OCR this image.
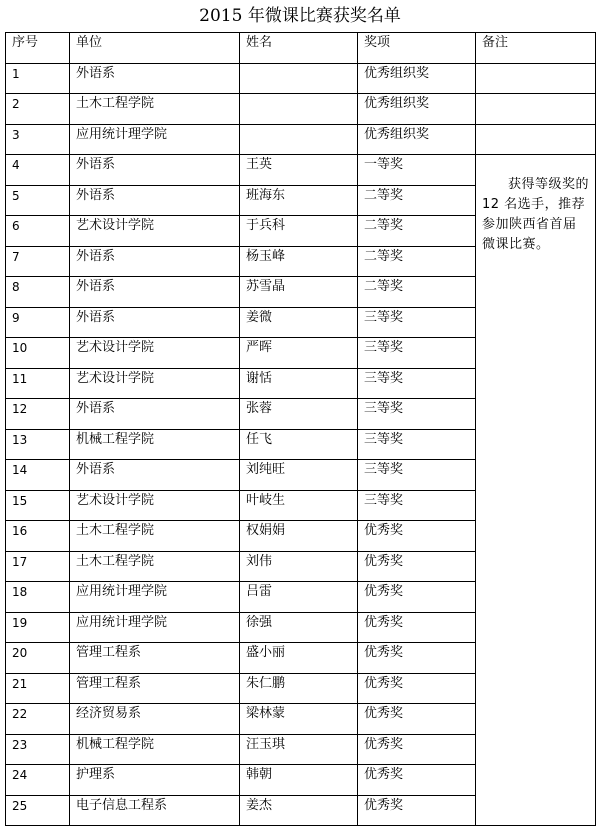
2015 年微课比赛获奖名单
序号	单位	姓名	奖项	备注
1	外语系		优秀组织奖	
2	土木工程学院		优秀组织奖	
3	应用统计理学院		优秀组织奖	
4	外语系	王英	一等奖	获得等级奖的 12 名选手，推荐参加陕西省首届微课比赛。
5	外语系	班海东	二等奖	
6	艺术设计学院	于兵科	二等奖	
7	外语系	杨玉峰	二等奖	
8	外语系	苏雪晶	二等奖	
9	外语系	姜微	三等奖	
10	艺术设计学院	严晖	三等奖	
11	艺术设计学院	谢恬	三等奖	
12	外语系	张蓉	三等奖	
13	机械工程学院	任飞	三等奖	
14	外语系	刘纯旺	三等奖	
15	艺术设计学院	叶岐生	三等奖	
16	土木工程学院	权娟娟	优秀奖	
17	土木工程学院	刘伟	优秀奖	
18	应用统计理学院	吕雷	优秀奖	
19	应用统计理学院	徐强	优秀奖	
20	管理工程系	盛小丽	优秀奖	
21	管理工程系	朱仁鹏	优秀奖	
22	经济贸易系	梁林蒙	优秀奖	
23	机械工程学院	汪玉琪	优秀奖	
24	护理系	韩朝	优秀奖	
25	电子信息工程系	姜杰	优秀奖	
